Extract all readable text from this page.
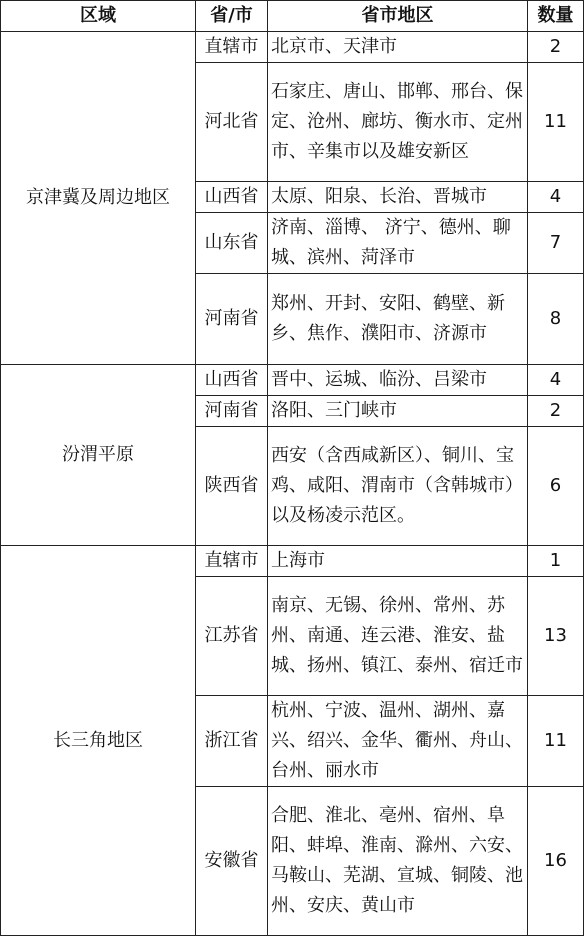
区域	省/市	省市地区	数量
京津冀及周边地区	直辖市	北京市、天津市	2
	河北省	石家庄、唐山、邯郸、邢台、保定、沧州、廊坊、衡水市、定州市、辛集市以及雄安新区	11
	山西省	太原、阳泉、长治、晋城市	4
	山东省	济南、淄博、 济宁、德州、聊城、滨州、菏泽市	7
	河南省	郑州、开封、安阳、鹤壁、新乡、焦作、濮阳市、济源市	8
汾渭平原	山西省	晋中、运城、临汾、吕梁市	4
	河南省	洛阳、三门峡市	2
	陕西省	西安（含西咸新区）、铜川、宝鸡、咸阳、渭南市（含韩城市）以及杨凌示范区。	6
长三角地区	直辖市	上海市	1
	江苏省	南京、无锡、徐州、常州、苏州、南通、连云港、淮安、盐城、扬州、镇江、泰州、宿迁市	13
	浙江省	杭州、宁波、温州、湖州、嘉兴、绍兴、金华、衢州、舟山、台州、丽水市	11
	安徽省	合肥、淮北、亳州、宿州、阜阳、蚌埠、淮南、滁州、六安、马鞍山、芜湖、宣城、铜陵、池州、安庆、黄山市	16
